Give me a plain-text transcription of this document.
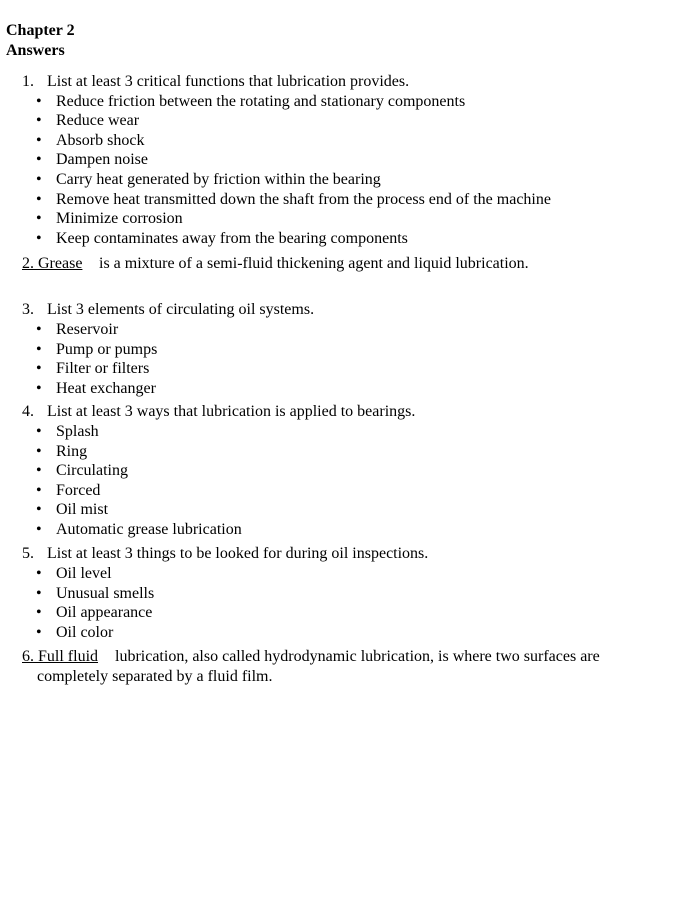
Chapter 2
Answers
1. List at least 3 critical functions that lubrication provides.
• Reduce friction between the rotating and stationary components
• Reduce wear
• Absorb shock
• Dampen noise
• Carry heat generated by friction within the bearing
• Remove heat transmitted down the shaft from the process end of the machine
• Minimize corrosion
• Keep contaminates away from the bearing components
2. Grease is a mixture of a semi-fluid thickening agent and liquid lubrication.
3. List 3 elements of circulating oil systems.
• Reservoir
• Pump or pumps
• Filter or filters
• Heat exchanger
4. List at least 3 ways that lubrication is applied to bearings.
• Splash
• Ring
• Circulating
• Forced
• Oil mist
• Automatic grease lubrication
5. List at least 3 things to be looked for during oil inspections.
• Oil level
• Unusual smells
• Oil appearance
• Oil color
6. Full fluid lubrication, also called hydrodynamic lubrication, is where two surfaces are
completely separated by a fluid film.
